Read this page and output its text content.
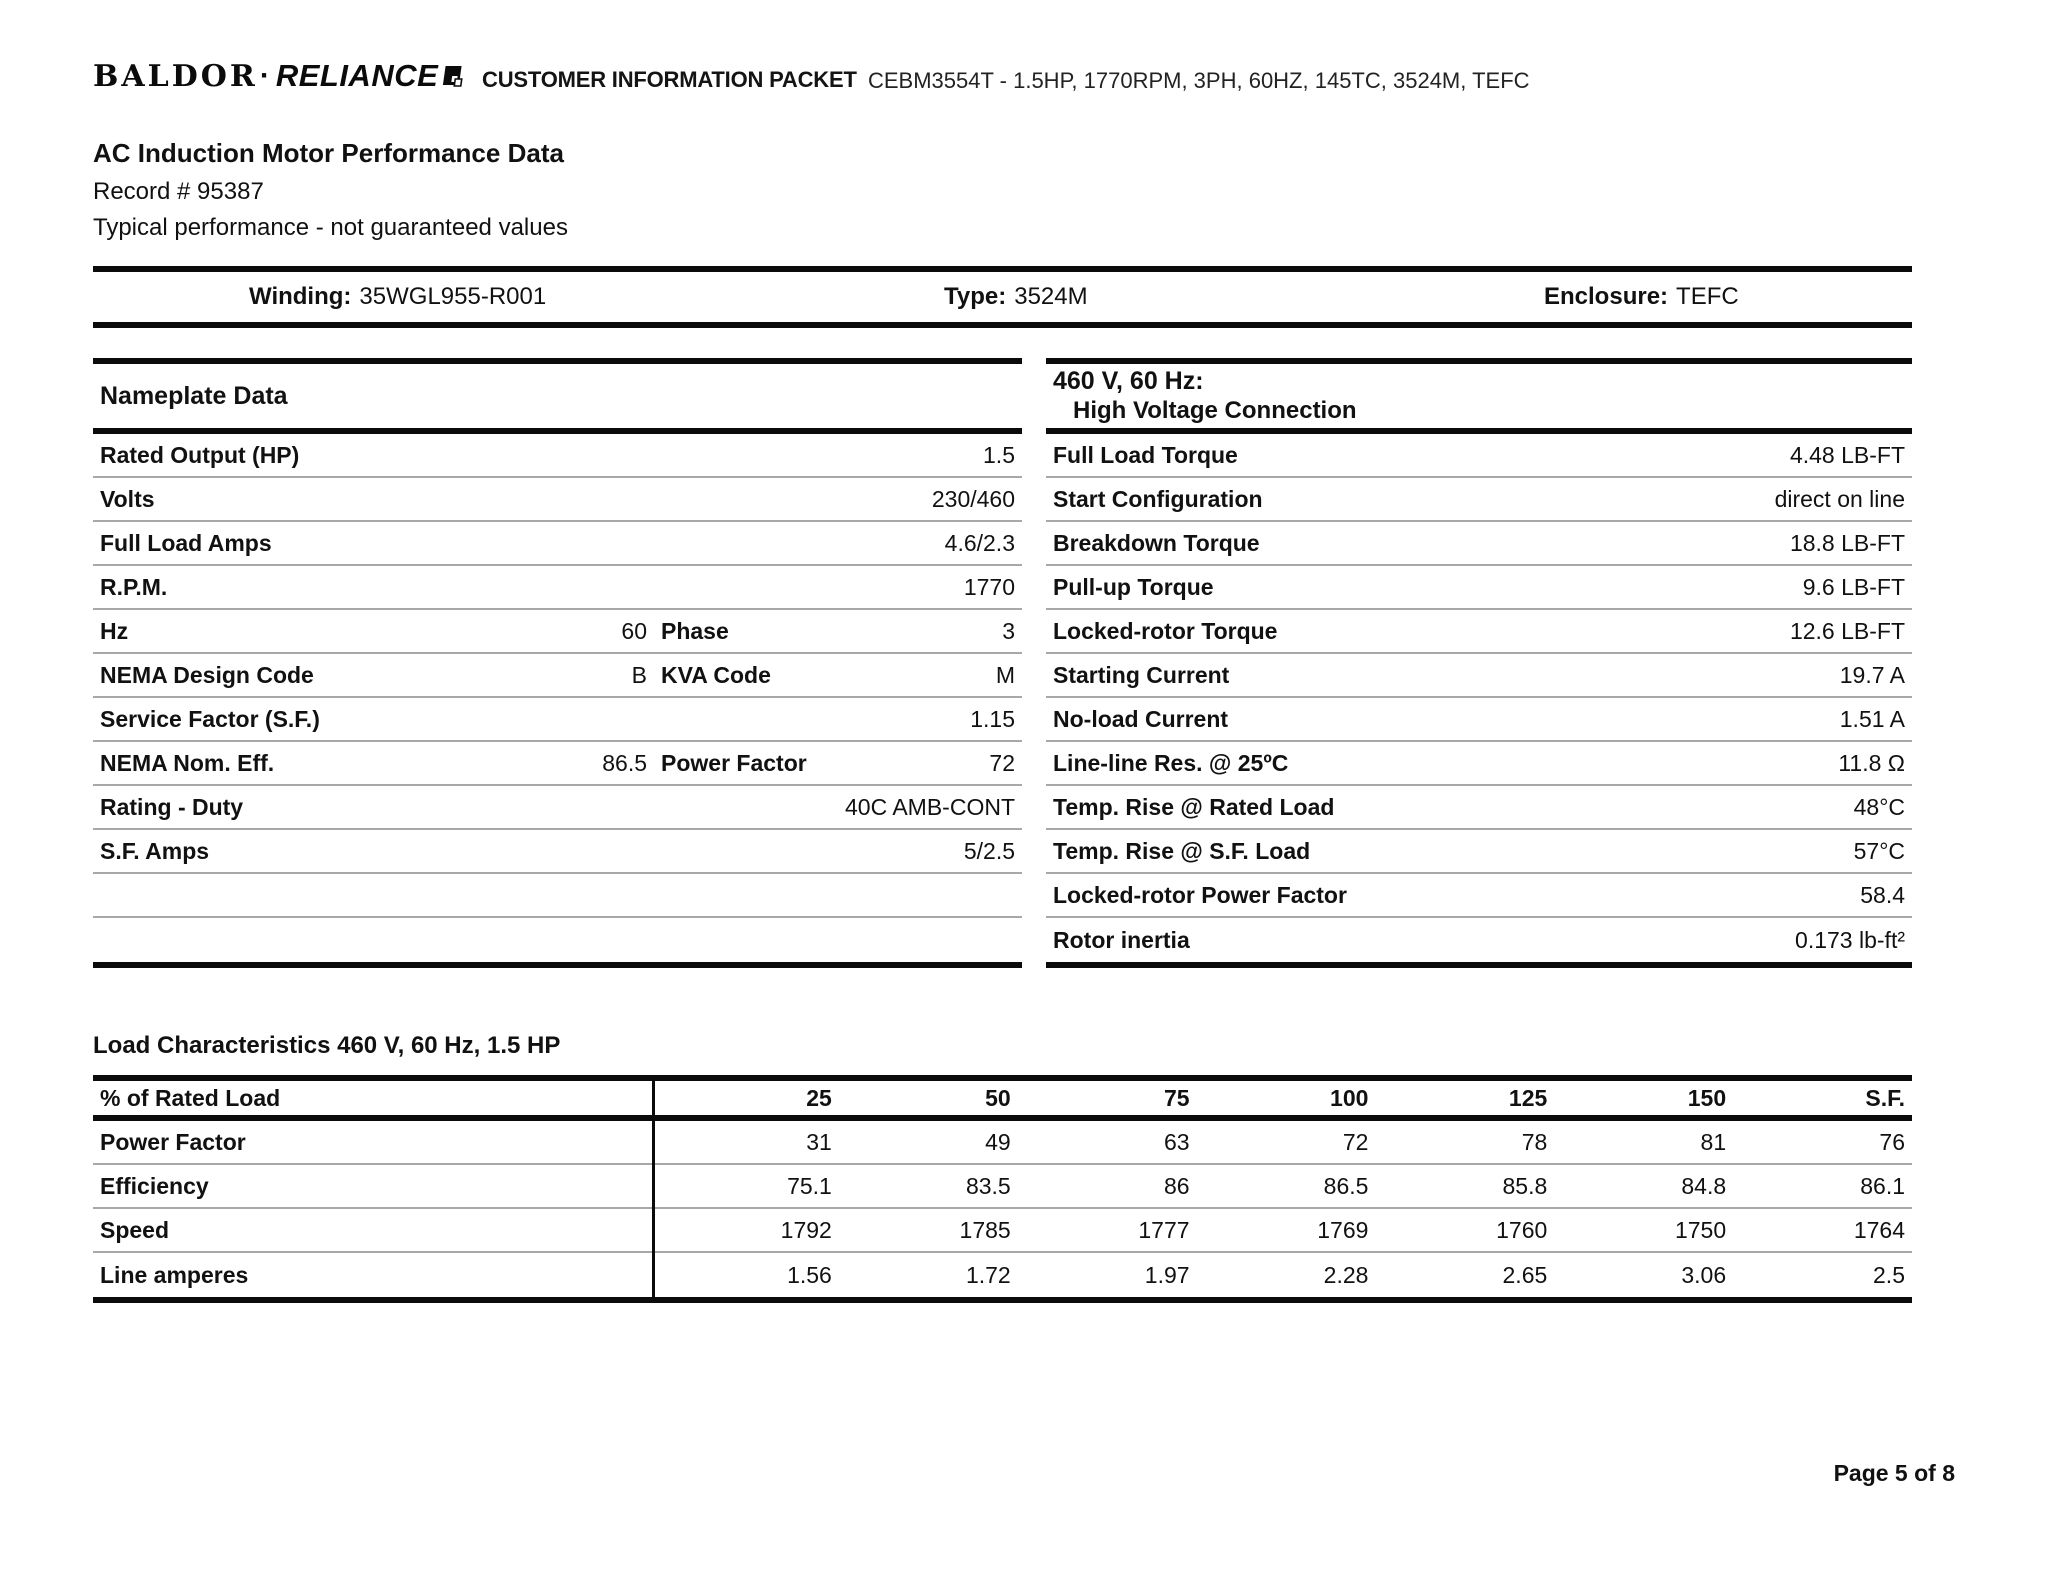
BALDOR · RELIANCE CUSTOMER INFORMATION PACKET CEBM3554T - 1.5HP, 1770RPM, 3PH, 60HZ, 145TC, 3524M, TEFC
AC Induction Motor Performance Data
Record # 95387
Typical performance - not guaranteed values
Winding: 35WGL955-R001	Type: 3524M	Enclosure: TEFC
Nameplate Data
Rated Output (HP)	1.5
Volts	230/460
Full Load Amps	4.6/2.3
R.P.M.	1770
Hz	60 Phase	3
NEMA Design Code	B KVA Code	M
Service Factor (S.F.)	1.15
NEMA Nom. Eff.	86.5 Power Factor	72
Rating - Duty	40C AMB-CONT
S.F. Amps	5/2.5
460 V, 60 Hz:
High Voltage Connection
Full Load Torque	4.48 LB-FT
Start Configuration	direct on line
Breakdown Torque	18.8 LB-FT
Pull-up Torque	9.6 LB-FT
Locked-rotor Torque	12.6 LB-FT
Starting Current	19.7 A
No-load Current	1.51 A
Line-line Res. @ 25ºC	11.8 Ω
Temp. Rise @ Rated Load	48°C
Temp. Rise @ S.F. Load	57°C
Locked-rotor Power Factor	58.4
Rotor inertia	0.173 lb-ft²
Load Characteristics 460 V, 60 Hz, 1.5 HP
% of Rated Load	25	50	75	100	125	150	S.F.
Power Factor	31	49	63	72	78	81	76
Efficiency	75.1	83.5	86	86.5	85.8	84.8	86.1
Speed	1792	1785	1777	1769	1760	1750	1764
Line amperes	1.56	1.72	1.97	2.28	2.65	3.06	2.5
Page 5 of 8
